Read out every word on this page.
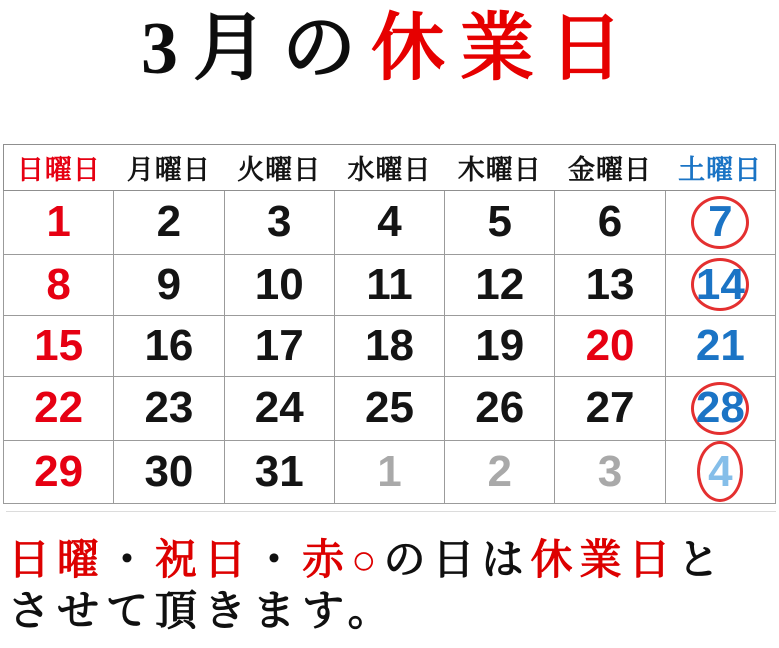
3月の休業日
日曜日	月曜日	火曜日	水曜日	木曜日	金曜日	土曜日
1	2	3	4	5	6	7
8	9	10	11	12	13	14
15	16	17	18	19	20	21
22	23	24	25	26	27	28
29	30	31	1	2	3	4
日曜・祝日・赤○の日は休業日と
させて頂きます。
